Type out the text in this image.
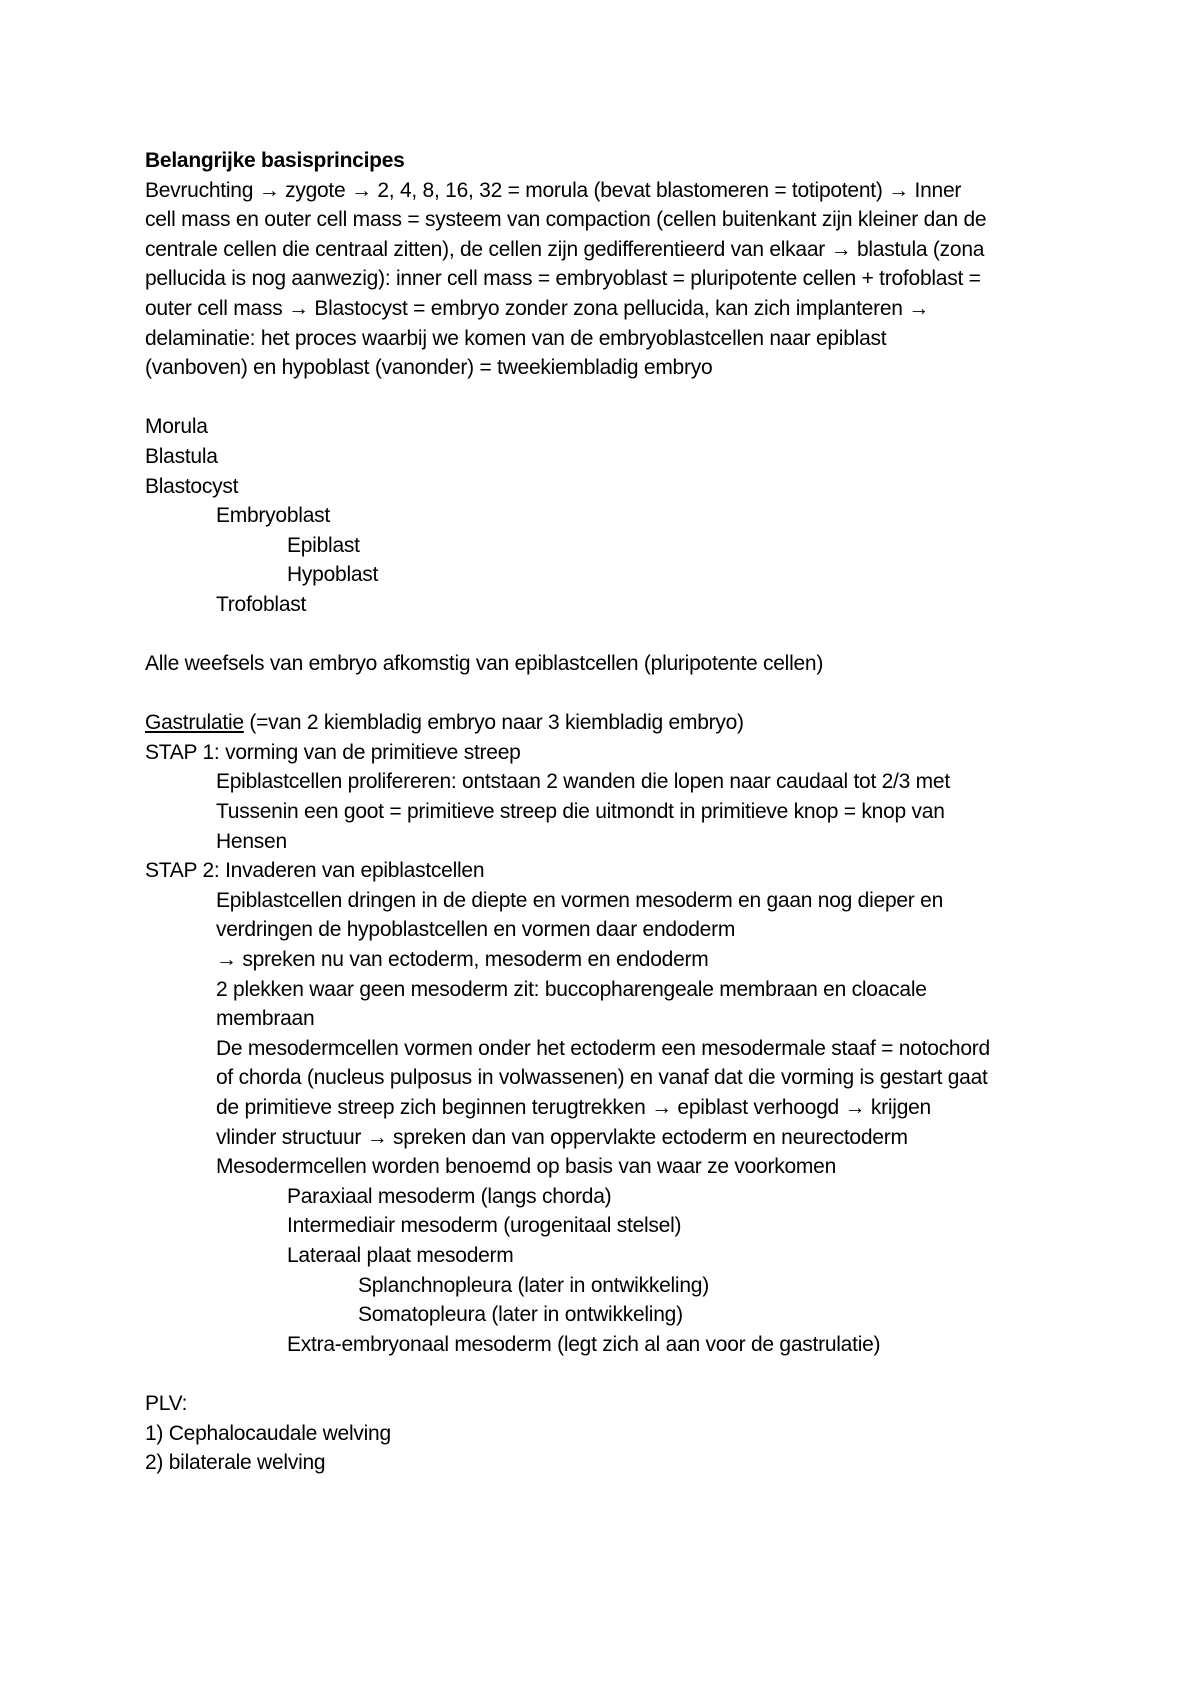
Belangrijke basisprincipes
Bevruchting → zygote → 2, 4, 8, 16, 32 = morula (bevat blastomeren = totipotent) → Inner
cell mass en outer cell mass = systeem van compaction (cellen buitenkant zijn kleiner dan de
centrale cellen die centraal zitten), de cellen zijn gedifferentieerd van elkaar → blastula (zona
pellucida is nog aanwezig): inner cell mass = embryoblast = pluripotente cellen + trofoblast =
outer cell mass → Blastocyst = embryo zonder zona pellucida, kan zich implanteren →
delaminatie: het proces waarbij we komen van de embryoblastcellen naar epiblast
(vanboven) en hypoblast (vanonder) = tweekiembladig embryo
Morula
Blastula
Blastocyst
Embryoblast
Epiblast
Hypoblast
Trofoblast
Alle weefsels van embryo afkomstig van epiblastcellen (pluripotente cellen)
Gastrulatie (=van 2 kiembladig embryo naar 3 kiembladig embryo)
STAP 1: vorming van de primitieve streep
Epiblastcellen prolifereren: ontstaan 2 wanden die lopen naar caudaal tot 2/3 met
Tussenin een goot = primitieve streep die uitmondt in primitieve knop = knop van
Hensen
STAP 2: Invaderen van epiblastcellen
Epiblastcellen dringen in de diepte en vormen mesoderm en gaan nog dieper en
verdringen de hypoblastcellen en vormen daar endoderm
→ spreken nu van ectoderm, mesoderm en endoderm
2 plekken waar geen mesoderm zit: buccopharengeale membraan en cloacale
membraan
De mesodermcellen vormen onder het ectoderm een mesodermale staaf = notochord
of chorda (nucleus pulposus in volwassenen) en vanaf dat die vorming is gestart gaat
de primitieve streep zich beginnen terugtrekken → epiblast verhoogd → krijgen
vlinder structuur → spreken dan van oppervlakte ectoderm en neurectoderm
Mesodermcellen worden benoemd op basis van waar ze voorkomen
Paraxiaal mesoderm (langs chorda)
Intermediair mesoderm (urogenitaal stelsel)
Lateraal plaat mesoderm
Splanchnopleura (later in ontwikkeling)
Somatopleura (later in ontwikkeling)
Extra-embryonaal mesoderm (legt zich al aan voor de gastrulatie)
PLV:
1) Cephalocaudale welving
2) bilaterale welving
